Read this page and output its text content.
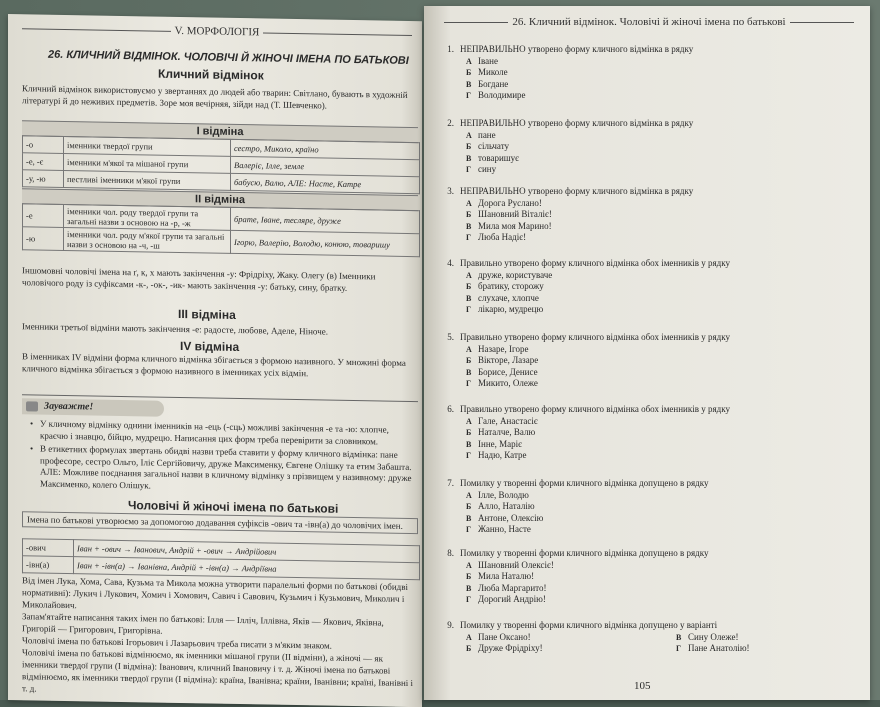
V. МОРФОЛОГІЯ
26. КЛИЧНИЙ ВІДМІНОК. ЧОЛОВІЧІ Й ЖІНОЧІ ІМЕНА ПО БАТЬКОВІ
Кличний відмінок
Кличний відмінок використовуємо у звертаннях до людей або тварин: Світлано, бувають в художній літературі й до неживих предметів. Зоре моя вечірняя, зійди над (Т. Шевченко).
І відміна
-о	іменники твердої групи	сестро, Миколо, країно
-е, -є	іменники м'якої та мішаної групи	Валеріє, Ілле, земле
-у, -ю	пестливі іменники м'якої групи	бабусю, Валю, АЛЕ: Насте, Катре
ІІ відміна
-е	іменники чол. роду твердої групи та загальні назви з основою на -р, -ж	брате, Іване, тесляре, друже
-ю	іменники чол. роду м'якої групи та загальні назви з основою на -ч, -ш	Ігорю, Валерію, Володю, конюю, товаришу
Іншомовні чоловічі імена на ґ, к, х мають закінчення -у: Фрідріху, Жаку. Олегу (в) Іменники чоловічого роду із суфіксами -к-, -ок-, -ик- мають закінчення -у: батьку, сину, братку.
ІІІ відміна
Іменники третьої відміни мають закінчення -е: радосте, любове, Аделе, Ніноче.
IV відміна
В іменниках IV відміни форма кличного відмінка збігається з формою називного. У множині форма кличного відмінка збігається з формою називного в іменниках усіх відмін.
Зауважте!
• У кличному відмінку однини іменників на -ець (-сць) можливі закінчення -е та -ю: хлопче, краєчю і знавцю, бійцю, мудрецю. Написання цих форм треба перевірити за словником.
• В етикетних формулах звертань обидві назви треба ставити у форму кличного відмінка: пане професоре, сестро Ольго, Іліє Сергійовичу, друже Максименку, Євгене Олішку та етим Забашта. АЛЕ: Можливе поєднання загальної назви в кличному відмінку з прізвищем у називному: друже Максименко, колего Олішук.
Чоловічі й жіночі імена по батькові
Імена по батькові утворюємо за допомогою додавання суфіксів -ович та -івн(а) до чоловічих імен.
-ович	Іван + -ович → Іванович, Андрій + -ович → Андрійович
-івн(а)	Іван + -івн(а) → Іванівна, Андрій + -івн(а) → Андріївна
Від імен Лука, Хома, Сава, Кузьма та Микола можна утворити паралельні форми по батькові (обидві нормативні): Лукич і Лукович, Хомич і Хомович, Савич і Савович, Кузьмич і Кузьмович, Миколич і Миколайович.
Запам'ятайте написання таких імен по батькові: Ілля — Ілліч, Іллівна, Яків — Якович, Яківна, Григорій — Григорович, Григорівна.
Чоловічі імена по батькові Ігорьович і Лазарьович треба писати з м'яким знаком.
Чоловічі імена по батькові відмінюємо, як іменники мішаної групи (ІІ відміни), а жіночі — як іменники твердої групи (І відміна): Іванович, кличний Івановичу і т. д. Жіночі імена по батькові відмінюємо, як іменники твердої групи (І відміна): країна, Іванівна; країни, Іванівни; країні, Іванівні і т. д.
26. Кличний відмінок. Чоловічі й жіночі імена по батькові
1. НЕПРАВИЛЬНО утворено форму кличного відмінка в рядку
А Іване
Б Миколе
В Богдане
Г Володимире
2. НЕПРАВИЛЬНО утворено форму кличного відмінка в рядку
А пане
Б сільчату
В товаришує
Г сину
3. НЕПРАВИЛЬНО утворено форму кличного відмінка в рядку
А Дорога Руслано!
Б Шановний Віталіє!
В Мила моя Марино!
Г Люба Надіє!
4. Правильно утворено форму кличного відмінка обох іменників у рядку
А друже, користуваче
Б братику, сторожу
В слухаче, хлопче
Г лікарю, мудрецю
5. Правильно утворено форму кличного відмінка обох іменників у рядку
А Назаре, Ігоре
Б Вікторе, Лазаре
В Борисе, Денисе
Г Микито, Олеже
6. Правильно утворено форму кличного відмінка обох іменників у рядку
А Гале, Анастасіє
Б Наталче, Валю
В Інне, Маріє
Г Надю, Катре
7. Помилку у творенні форми кличного відмінка допущено в рядку
А Ілле, Володю
Б Алло, Наталію
В Антоне, Олексію
Г Жанно, Насте
8. Помилку у творенні форми кличного відмінка допущено в рядку
А Шановний Олексіє!
Б Мила Наталю!
В Люба Маргарито!
Г Дорогий Андрію!
9. Помилку у творенні форми кличного відмінка допущено у варіанті
А Пане Оксано!
Б Друже Фрідріху!
В Сину Олеже!
Г Пане Анатолію!
105
